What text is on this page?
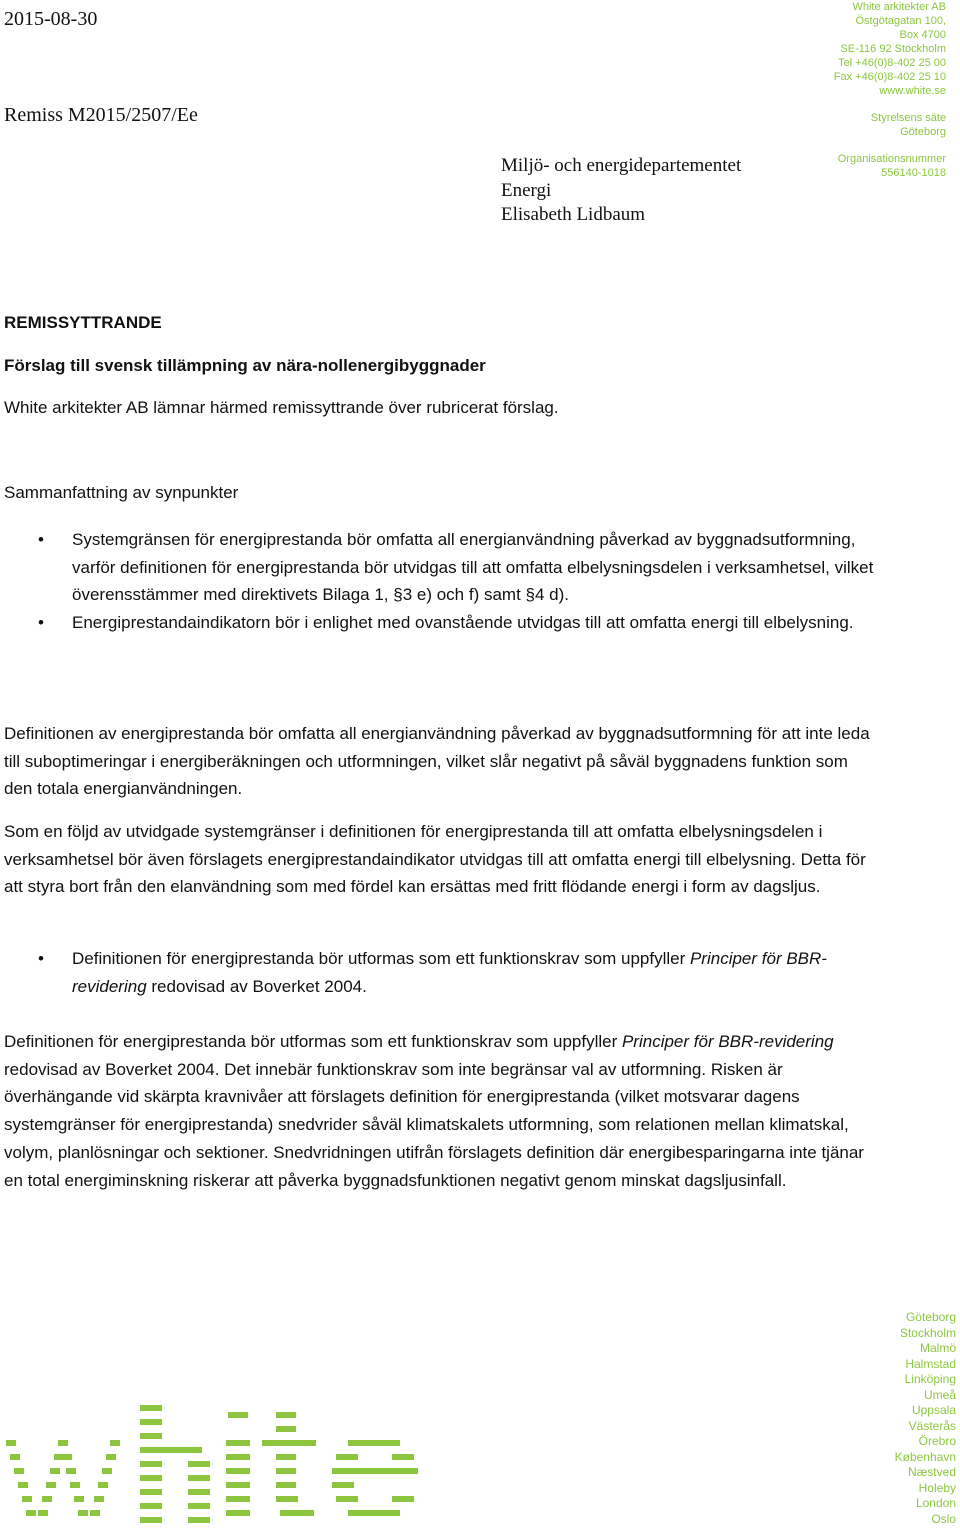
2015-08-30
Remiss M2015/2507/Ee
Miljö- och energidepartementet
Energi
Elisabeth Lidbaum
White arkitekter AB
Östgötagatan 100,
Box 4700
SE-116 92 Stockholm
Tel +46(0)8-402 25 00
Fax +46(0)8-402 25 10
www.white.se
Styrelsens säte
Göteborg
Organisationsnummer
556140-1018
REMISSYTTRANDE
Förslag till svensk tillämpning av nära-nollenergibyggnader
White arkitekter AB lämnar härmed remissyttrande över rubricerat förslag.
Sammanfattning av synpunkter
• Systemgränsen för energiprestanda bör omfatta all energianvändning påverkad av byggnadsutformning, varför definitionen för energiprestanda bör utvidgas till att omfatta elbelysningsdelen i verksamhetsel, vilket överensstämmer med direktivets Bilaga 1, §3 e) och f) samt §4 d).
• Energiprestandaindikatorn bör i enlighet med ovanstående utvidgas till att omfatta energi till elbelysning.

Definitionen av energiprestanda bör omfatta all energianvändning påverkad av byggnadsutformning för att inte leda till suboptimeringar i energiberäkningen och utformningen, vilket slår negativt på såväl byggnadens funktion som den totala energianvändningen.

Som en följd av utvidgade systemgränser i definitionen för energiprestanda till att omfatta elbelysningsdelen i verksamhetsel bör även förslagets energiprestandaindikator utvidgas till att omfatta energi till elbelysning. Detta för att styra bort från den elanvändning som med fördel kan ersättas med fritt flödande energi i form av dagsljus.

• Definitionen för energiprestanda bör utformas som ett funktionskrav som uppfyller Principer för BBR-revidering redovisad av Boverket 2004.

Definitionen för energiprestanda bör utformas som ett funktionskrav som uppfyller Principer för BBR-revidering redovisad av Boverket 2004. Det innebär funktionskrav som inte begränsar val av utformning. Risken är överhängande vid skärpta kravnivåer att förslagets definition för energiprestanda (vilket motsvarar dagens systemgränser för energiprestanda) snedvrider såväl klimatskalets utformning, som relationen mellan klimatskal, volym, planlösningar och sektioner. Snedvridningen utifrån förslagets definition där energibesparingarna inte tjänar en total energiminskning riskerar att påverka byggnadsfunktionen negativt genom minskat dagsljusinfall.

Göteborg
Stockholm
Malmö
Halmstad
Linköping
Umeå
Uppsala
Västerås
Örebro
København
Næstved
Holeby
London
Oslo
